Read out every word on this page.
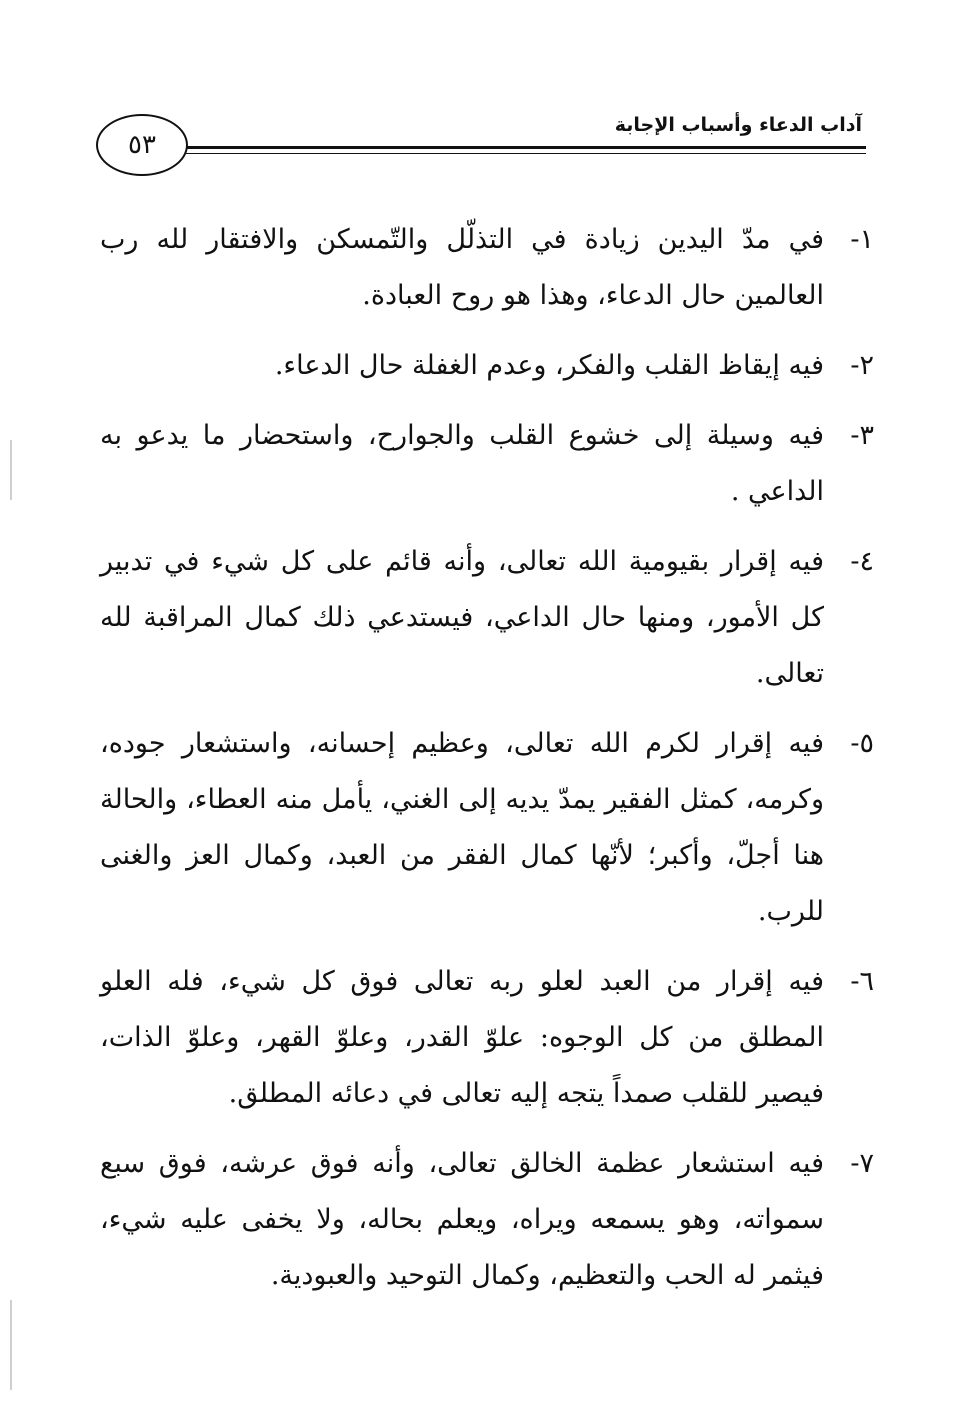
٥٣
آداب الدعاء وأسباب الإجابة
١-
في مدّ اليدين زيادة في التذلّل والتّمسكن والافتقار لله رب العالمين حال الدعاء، وهذا هو روح العبادة.
٢-
فيه إيقاظ القلب والفكر، وعدم الغفلة حال الدعاء.
٣-
فيه وسيلة إلى خشوع القلب والجوارح، واستحضار ما يدعو به الداعي .
٤-
فيه إقرار بقيومية الله تعالى، وأنه قائم على كل شيء في تدبير كل الأمور، ومنها حال الداعي، فيستدعي ذلك كمال المراقبة لله تعالى.
٥-
فيه إقرار لكرم الله تعالى، وعظيم إحسانه، واستشعار جوده، وكرمه، كمثل الفقير يمدّ يديه إلى الغني، يأمل منه العطاء، والحالة هنا أجلّ، وأكبر؛ لأنّها كمال الفقر من العبد، وكمال العز والغنى للرب.
٦-
فيه إقرار من العبد لعلو ربه تعالى فوق كل شيء، فله العلو المطلق من كل الوجوه: علوّ القدر، وعلوّ القهر، وعلوّ الذات، فيصير للقلب صمداً يتجه إليه تعالى في دعائه المطلق.
٧-
فيه استشعار عظمة الخالق تعالى، وأنه فوق عرشه، فوق سبع سمواته، وهو يسمعه ويراه، ويعلم بحاله، ولا يخفى عليه شيء، فيثمر له الحب والتعظيم، وكمال التوحيد والعبودية.
